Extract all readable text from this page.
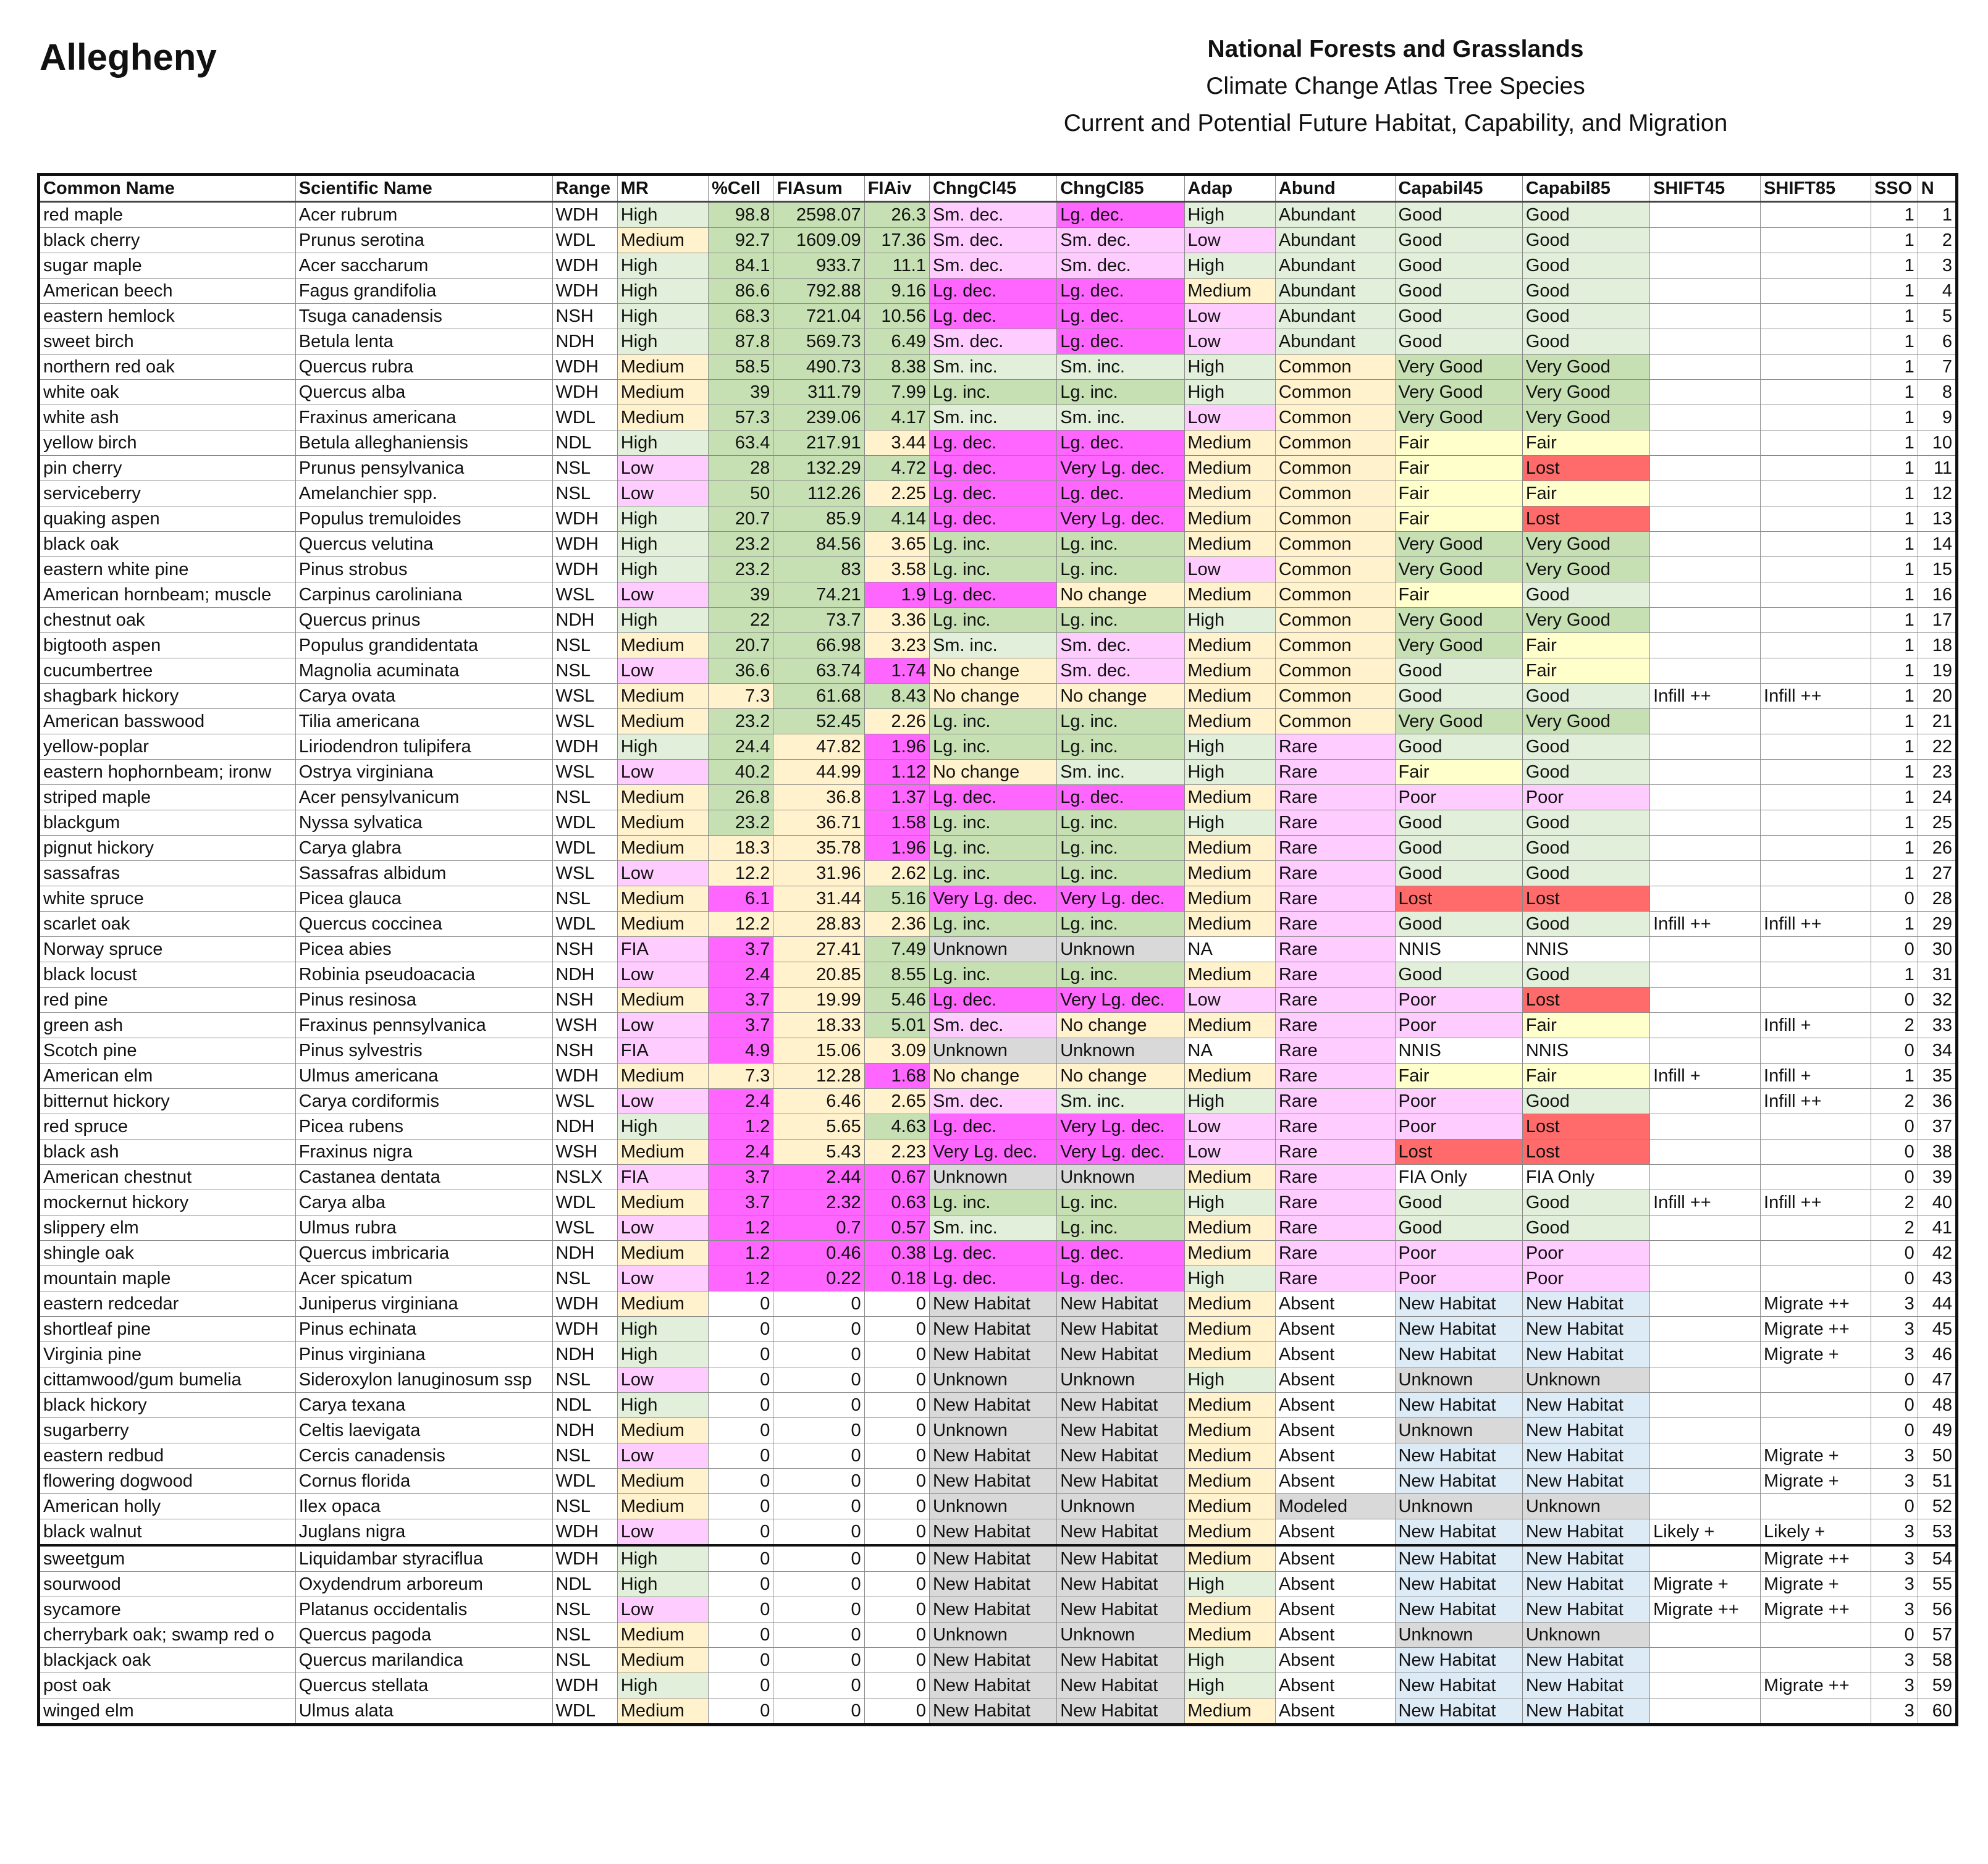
Allegheny	National Forests and Grasslands
Climate Change Atlas Tree Species
Current and Potential Future Habitat, Capability, and Migration
Common Name	Scientific Name	Range	MR	%Cell	FIAsum	FIAiv	ChngCl45	ChngCl85	Adap	Abund	Capabil45	Capabil85	SHIFT45	SHIFT85	SSO	N
red maple	Acer rubrum	WDH	High	98.8	2598.07	26.3	Sm. dec.	Lg. dec.	High	Abundant	Good	Good			1	1
black cherry	Prunus serotina	WDL	Medium	92.7	1609.09	17.36	Sm. dec.	Sm. dec.	Low	Abundant	Good	Good			1	2
sugar maple	Acer saccharum	WDH	High	84.1	933.7	11.1	Sm. dec.	Sm. dec.	High	Abundant	Good	Good			1	3
American beech	Fagus grandifolia	WDH	High	86.6	792.88	9.16	Lg. dec.	Lg. dec.	Medium	Abundant	Good	Good			1	4
eastern hemlock	Tsuga canadensis	NSH	High	68.3	721.04	10.56	Lg. dec.	Lg. dec.	Low	Abundant	Good	Good			1	5
sweet birch	Betula lenta	NDH	High	87.8	569.73	6.49	Sm. dec.	Lg. dec.	Low	Abundant	Good	Good			1	6
northern red oak	Quercus rubra	WDH	Medium	58.5	490.73	8.38	Sm. inc.	Sm. inc.	High	Common	Very Good	Very Good			1	7
white oak	Quercus alba	WDH	Medium	39	311.79	7.99	Lg. inc.	Lg. inc.	High	Common	Very Good	Very Good			1	8
white ash	Fraxinus americana	WDL	Medium	57.3	239.06	4.17	Sm. inc.	Sm. inc.	Low	Common	Very Good	Very Good			1	9
yellow birch	Betula alleghaniensis	NDL	High	63.4	217.91	3.44	Lg. dec.	Lg. dec.	Medium	Common	Fair	Fair			1	10
pin cherry	Prunus pensylvanica	NSL	Low	28	132.29	4.72	Lg. dec.	Very Lg. dec.	Medium	Common	Fair	Lost			1	11
serviceberry	Amelanchier spp.	NSL	Low	50	112.26	2.25	Lg. dec.	Lg. dec.	Medium	Common	Fair	Fair			1	12
quaking aspen	Populus tremuloides	WDH	High	20.7	85.9	4.14	Lg. dec.	Very Lg. dec.	Medium	Common	Fair	Lost			1	13
black oak	Quercus velutina	WDH	High	23.2	84.56	3.65	Lg. inc.	Lg. inc.	Medium	Common	Very Good	Very Good			1	14
eastern white pine	Pinus strobus	WDH	High	23.2	83	3.58	Lg. inc.	Lg. inc.	Low	Common	Very Good	Very Good			1	15
American hornbeam; muscle	Carpinus caroliniana	WSL	Low	39	74.21	1.9	Lg. dec.	No change	Medium	Common	Fair	Good			1	16
chestnut oak	Quercus prinus	NDH	High	22	73.7	3.36	Lg. inc.	Lg. inc.	High	Common	Very Good	Very Good			1	17
bigtooth aspen	Populus grandidentata	NSL	Medium	20.7	66.98	3.23	Sm. inc.	Sm. dec.	Medium	Common	Very Good	Fair			1	18
cucumbertree	Magnolia acuminata	NSL	Low	36.6	63.74	1.74	No change	Sm. dec.	Medium	Common	Good	Fair			1	19
shagbark hickory	Carya ovata	WSL	Medium	7.3	61.68	8.43	No change	No change	Medium	Common	Good	Good	Infill ++	Infill ++	1	20
American basswood	Tilia americana	WSL	Medium	23.2	52.45	2.26	Lg. inc.	Lg. inc.	Medium	Common	Very Good	Very Good			1	21
yellow-poplar	Liriodendron tulipifera	WDH	High	24.4	47.82	1.96	Lg. inc.	Lg. inc.	High	Rare	Good	Good			1	22
eastern hophornbeam; ironw	Ostrya virginiana	WSL	Low	40.2	44.99	1.12	No change	Sm. inc.	High	Rare	Fair	Good			1	23
striped maple	Acer pensylvanicum	NSL	Medium	26.8	36.8	1.37	Lg. dec.	Lg. dec.	Medium	Rare	Poor	Poor			1	24
blackgum	Nyssa sylvatica	WDL	Medium	23.2	36.71	1.58	Lg. inc.	Lg. inc.	High	Rare	Good	Good			1	25
pignut hickory	Carya glabra	WDL	Medium	18.3	35.78	1.96	Lg. inc.	Lg. inc.	Medium	Rare	Good	Good			1	26
sassafras	Sassafras albidum	WSL	Low	12.2	31.96	2.62	Lg. inc.	Lg. inc.	Medium	Rare	Good	Good			1	27
white spruce	Picea glauca	NSL	Medium	6.1	31.44	5.16	Very Lg. dec.	Very Lg. dec.	Medium	Rare	Lost	Lost			0	28
scarlet oak	Quercus coccinea	WDL	Medium	12.2	28.83	2.36	Lg. inc.	Lg. inc.	Medium	Rare	Good	Good	Infill ++	Infill ++	1	29
Norway spruce	Picea abies	NSH	FIA	3.7	27.41	7.49	Unknown	Unknown	NA	Rare	NNIS	NNIS			0	30
black locust	Robinia pseudoacacia	NDH	Low	2.4	20.85	8.55	Lg. inc.	Lg. inc.	Medium	Rare	Good	Good			1	31
red pine	Pinus resinosa	NSH	Medium	3.7	19.99	5.46	Lg. dec.	Very Lg. dec.	Low	Rare	Poor	Lost			0	32
green ash	Fraxinus pennsylvanica	WSH	Low	3.7	18.33	5.01	Sm. dec.	No change	Medium	Rare	Poor	Fair		Infill +	2	33
Scotch pine	Pinus sylvestris	NSH	FIA	4.9	15.06	3.09	Unknown	Unknown	NA	Rare	NNIS	NNIS			0	34
American elm	Ulmus americana	WDH	Medium	7.3	12.28	1.68	No change	No change	Medium	Rare	Fair	Fair	Infill +	Infill +	1	35
bitternut hickory	Carya cordiformis	WSL	Low	2.4	6.46	2.65	Sm. dec.	Sm. inc.	High	Rare	Poor	Good		Infill ++	2	36
red spruce	Picea rubens	NDH	High	1.2	5.65	4.63	Lg. dec.	Very Lg. dec.	Low	Rare	Poor	Lost			0	37
black ash	Fraxinus nigra	WSH	Medium	2.4	5.43	2.23	Very Lg. dec.	Very Lg. dec.	Low	Rare	Lost	Lost			0	38
American chestnut	Castanea dentata	NSLX	FIA	3.7	2.44	0.67	Unknown	Unknown	Medium	Rare	FIA Only	FIA Only			0	39
mockernut hickory	Carya alba	WDL	Medium	3.7	2.32	0.63	Lg. inc.	Lg. inc.	High	Rare	Good	Good	Infill ++	Infill ++	2	40
slippery elm	Ulmus rubra	WSL	Low	1.2	0.7	0.57	Sm. inc.	Lg. inc.	Medium	Rare	Good	Good			2	41
shingle oak	Quercus imbricaria	NDH	Medium	1.2	0.46	0.38	Lg. dec.	Lg. dec.	Medium	Rare	Poor	Poor			0	42
mountain maple	Acer spicatum	NSL	Low	1.2	0.22	0.18	Lg. dec.	Lg. dec.	High	Rare	Poor	Poor			0	43
eastern redcedar	Juniperus virginiana	WDH	Medium	0	0	0	New Habitat	New Habitat	Medium	Absent	New Habitat	New Habitat		Migrate ++	3	44
shortleaf pine	Pinus echinata	WDH	High	0	0	0	New Habitat	New Habitat	Medium	Absent	New Habitat	New Habitat		Migrate ++	3	45
Virginia pine	Pinus virginiana	NDH	High	0	0	0	New Habitat	New Habitat	Medium	Absent	New Habitat	New Habitat		Migrate +	3	46
cittamwood/gum bumelia	Sideroxylon lanuginosum ssp	NSL	Low	0	0	0	Unknown	Unknown	High	Absent	Unknown	Unknown			0	47
black hickory	Carya texana	NDL	High	0	0	0	New Habitat	New Habitat	Medium	Absent	New Habitat	New Habitat			0	48
sugarberry	Celtis laevigata	NDH	Medium	0	0	0	Unknown	New Habitat	Medium	Absent	Unknown	New Habitat			0	49
eastern redbud	Cercis canadensis	NSL	Low	0	0	0	New Habitat	New Habitat	Medium	Absent	New Habitat	New Habitat		Migrate +	3	50
flowering dogwood	Cornus florida	WDL	Medium	0	0	0	New Habitat	New Habitat	Medium	Absent	New Habitat	New Habitat		Migrate +	3	51
American holly	Ilex opaca	NSL	Medium	0	0	0	Unknown	Unknown	Medium	Modeled	Unknown	Unknown			0	52
black walnut	Juglans nigra	WDH	Low	0	0	0	New Habitat	New Habitat	Medium	Absent	New Habitat	New Habitat	Likely +	Likely +	3	53
sweetgum	Liquidambar styraciflua	WDH	High	0	0	0	New Habitat	New Habitat	Medium	Absent	New Habitat	New Habitat		Migrate ++	3	54
sourwood	Oxydendrum arboreum	NDL	High	0	0	0	New Habitat	New Habitat	High	Absent	New Habitat	New Habitat	Migrate +	Migrate +	3	55
sycamore	Platanus occidentalis	NSL	Low	0	0	0	New Habitat	New Habitat	Medium	Absent	New Habitat	New Habitat	Migrate ++	Migrate ++	3	56
cherrybark oak; swamp red o	Quercus pagoda	NSL	Medium	0	0	0	Unknown	Unknown	Medium	Absent	Unknown	Unknown			0	57
blackjack oak	Quercus marilandica	NSL	Medium	0	0	0	New Habitat	New Habitat	High	Absent	New Habitat	New Habitat			3	58
post oak	Quercus stellata	WDH	High	0	0	0	New Habitat	New Habitat	High	Absent	New Habitat	New Habitat		Migrate ++	3	59
winged elm	Ulmus alata	WDL	Medium	0	0	0	New Habitat	New Habitat	Medium	Absent	New Habitat	New Habitat			3	60
